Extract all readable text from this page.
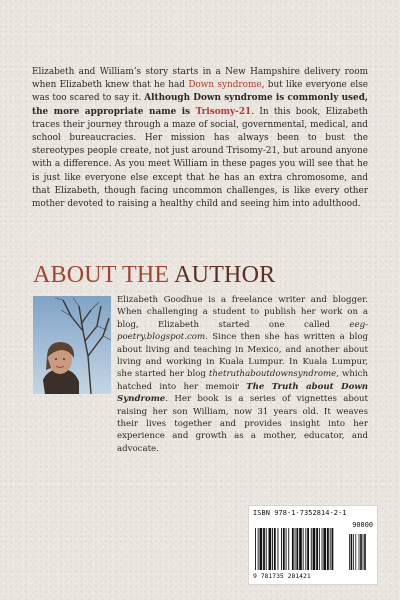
Elizabeth and William’s story starts in a New Hampshire delivery room when Elizabeth knew that he had Down syndrome, but like everyone else was too scared to say it. Although Down syndrome is commonly used, the more appropriate name is Trisomy-21. In this book, Elizabeth traces their journey through a maze of social, governmental, medical, and school bureaucracies. Her mission has always been to bust the stereotypes people create, not just around Trisomy-21, but around anyone with a difference. As you meet William in these pages you will see that he is just like everyone else except that he has an extra chromosome, and that Elizabeth, though facing uncommon challenges, is like every other mother devoted to raising a healthy child and seeing him into adulthood.
ABOUT THE AUTHOR
Elizabeth Goodhue is a freelance writer and blogger. When challenging a student to publish her work on a blog, Elizabeth started one called eeg-poetry.blogspot.com. Since then she has written a blog about living and teaching in Mexico, and another about living and working in Kuala Lumpur. In Kuala Lumpur, she started her blog thetruthaboutdownsyndrome, which hatched into her memoir The Truth about Down Syndrome. Her book is a series of vignettes about raising her son William, now 31 years old. It weaves their lives together and provides insight into her experience and growth as a mother, educator, and advocate.
ISBN 978-1-7352814-2-1
90000
9 781735 281421
